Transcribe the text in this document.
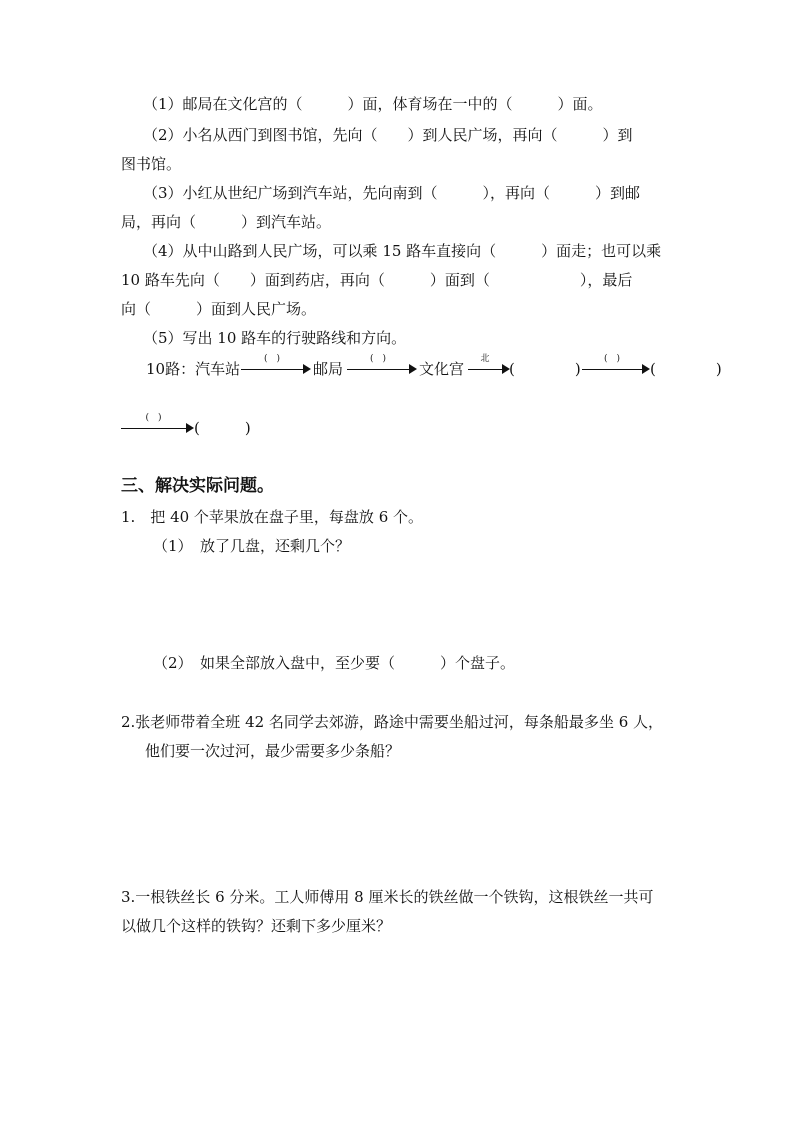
（1）邮局在文化宫的（　　　）面，体育场在一中的（　　　）面。
（2）小名从西门到图书馆，先向（　　）到人民广场，再向（　　　）到
图书馆。
（3）小红从世纪广场到汽车站，先向南到（　　　），再向（　　　）到邮
局，再向（　　　）到汽车站。
（4）从中山路到人民广场，可以乘 15 路车直接向（　　　）面走；也可以乘
10 路车先向（　　）面到药店，再向（　　　）面到（　　　　　　），最后
向（　　　）面到人民广场。
（5）写出 10 路车的行驶路线和方向。
10路：汽车站
(　)
邮局
(　)
文化宫
北
(　　　　)
(　)
(　　　　)
(　)
(　　　)
三、解决实际问题。
1.　把 40 个苹果放在盘子里，每盘放 6 个。
（1）　放了几盘，还剩几个？
（2）　如果全部放入盘中，至少要（　　　）个盘子。
2.张老师带着全班 42 名同学去郊游，路途中需要坐船过河，每条船最多坐 6 人，
他们要一次过河，最少需要多少条船？
3.一根铁丝长 6 分米。工人师傅用 8 厘米长的铁丝做一个铁钩，这根铁丝一共可
以做几个这样的铁钩？还剩下多少厘米？
